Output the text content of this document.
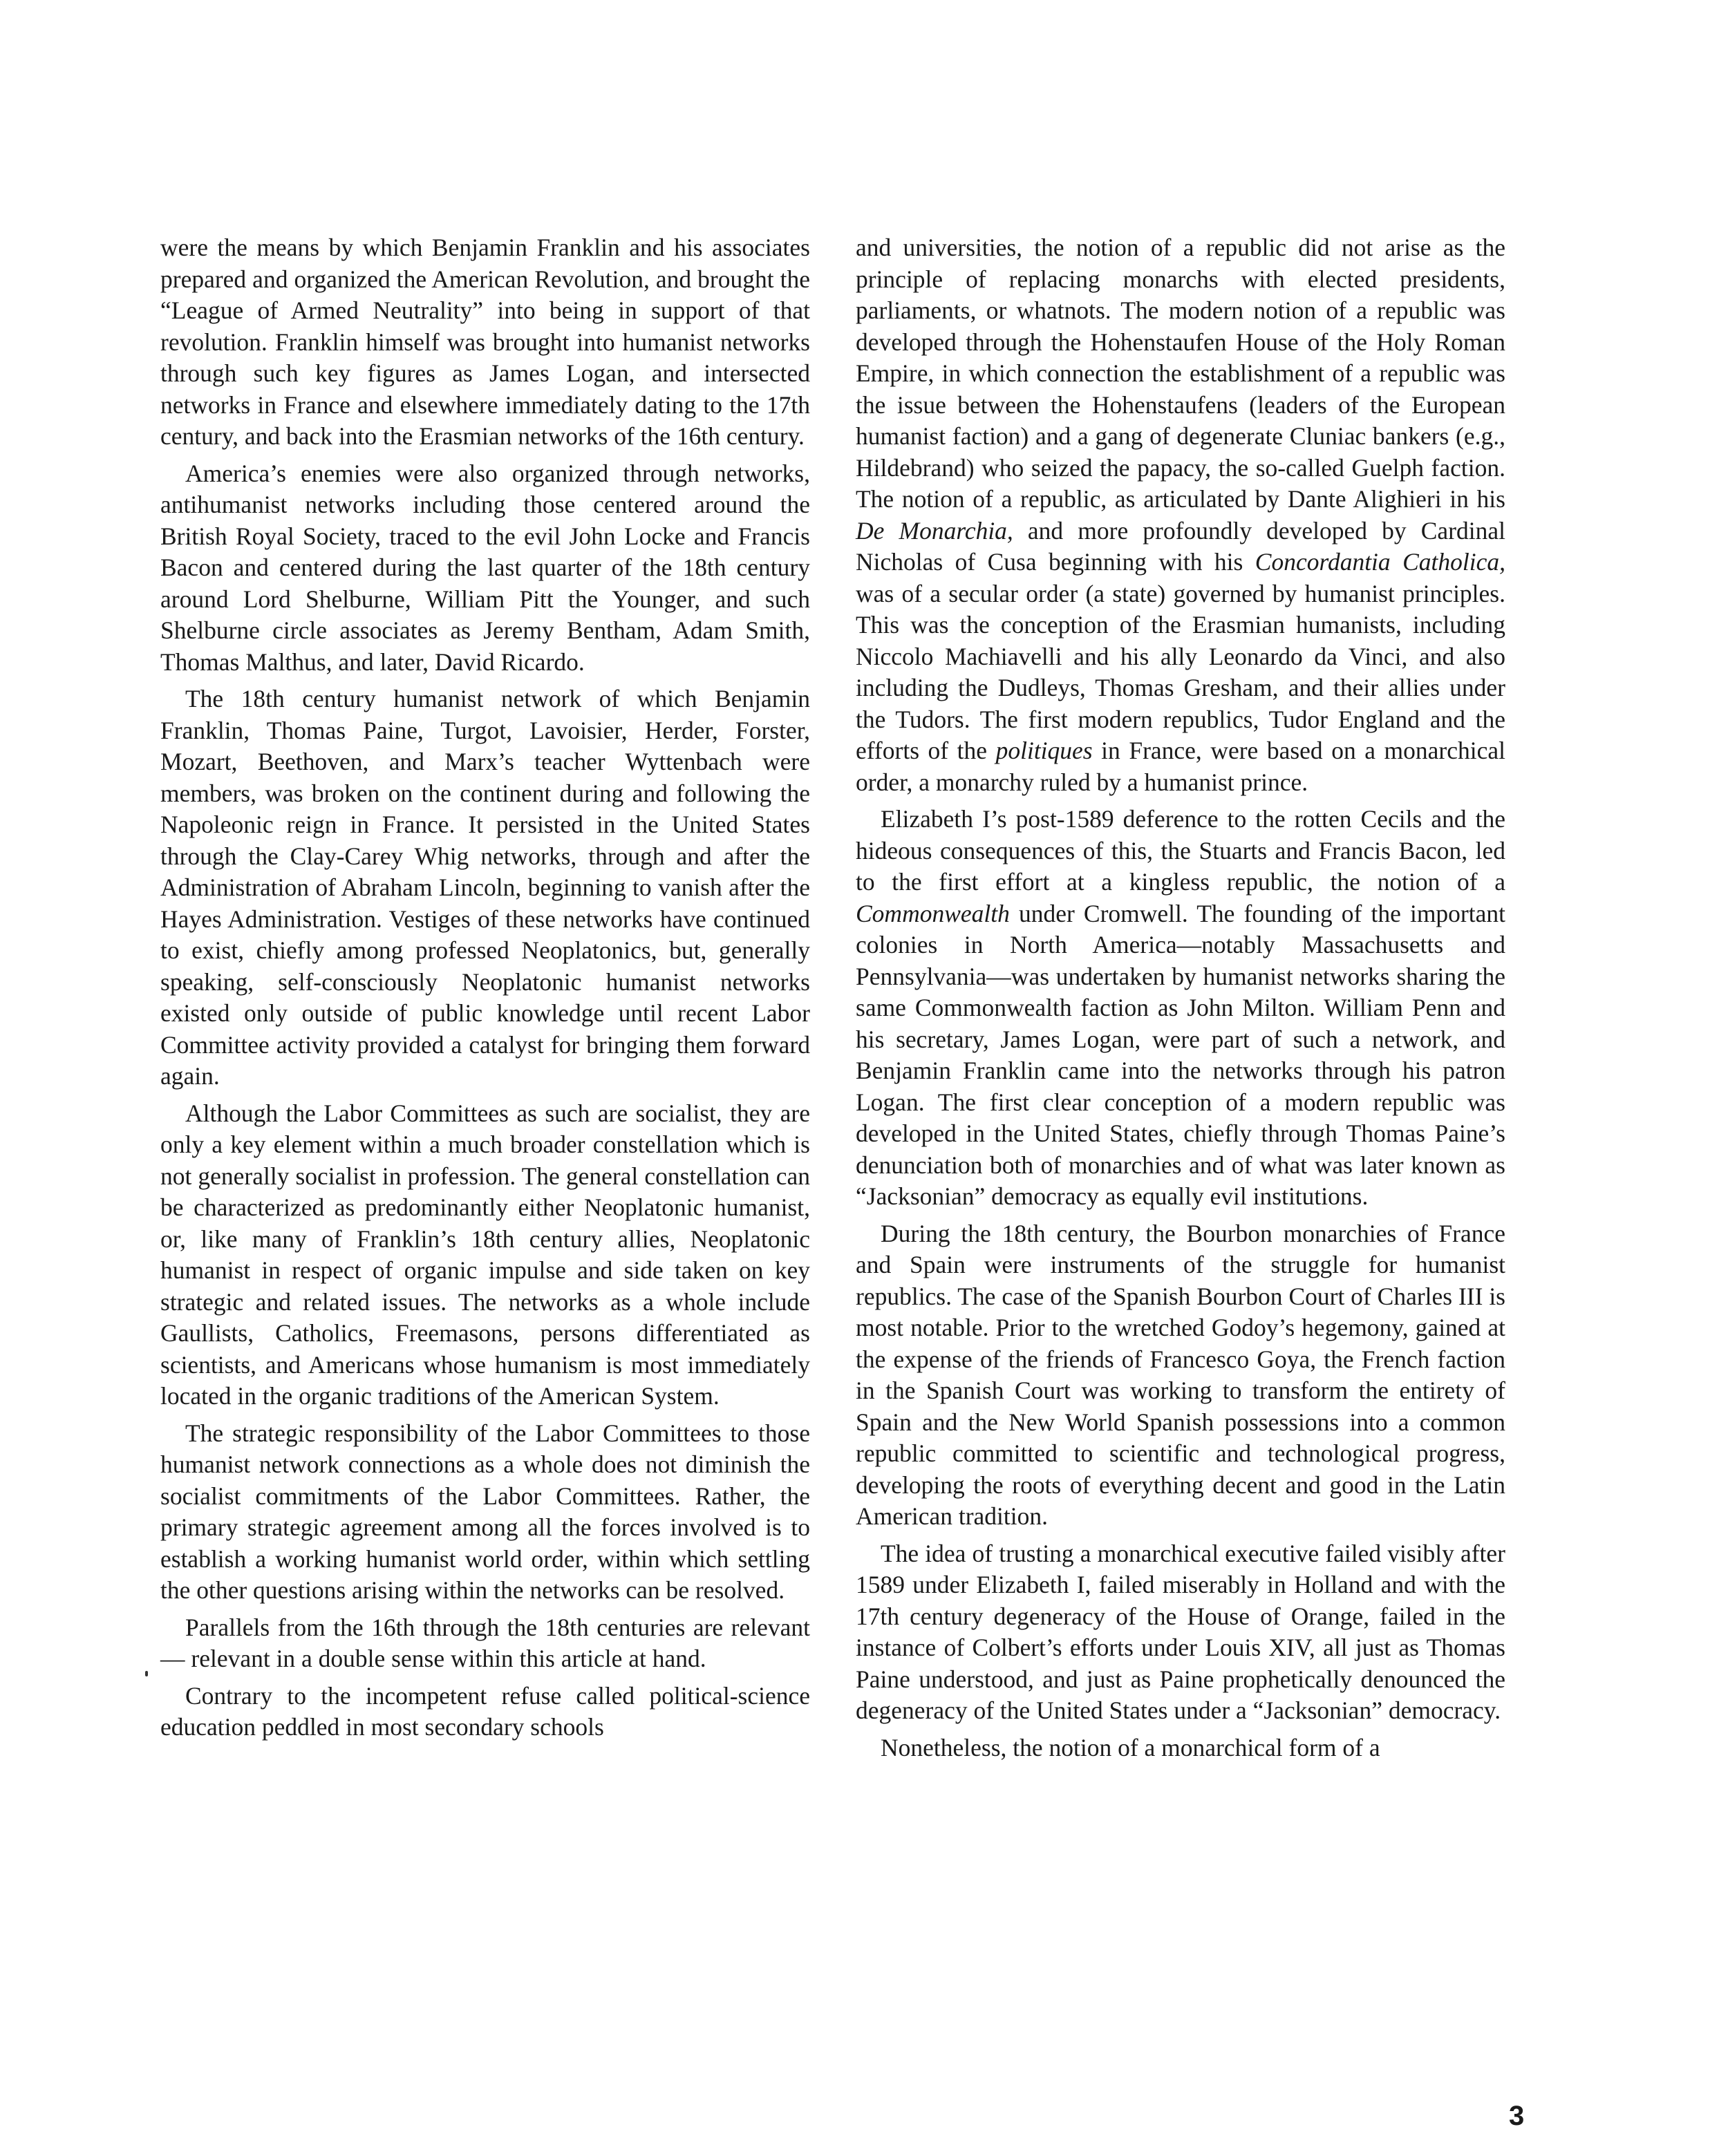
were the means by which Benjamin Franklin and his associates prepared and organized the American Revolution, and brought the “League of Armed Neutrality” into being in support of that revolution. Franklin himself was brought into humanist networks through such key figures as James Logan, and intersected networks in France and elsewhere immediately dating to the 17th century, and back into the Erasmian networks of the 16th century.

America’s enemies were also organized through networks, antihumanist networks including those centered around the British Royal Society, traced to the evil John Locke and Francis Bacon and centered during the last quarter of the 18th century around Lord Shelburne, William Pitt the Younger, and such Shelburne circle associates as Jeremy Bentham, Adam Smith, Thomas Malthus, and later, David Ricardo.

The 18th century humanist network of which Benjamin Franklin, Thomas Paine, Turgot, Lavoisier, Herder, Forster, Mozart, Beethoven, and Marx’s teacher Wyttenbach were members, was broken on the continent during and following the Napoleonic reign in France. It persisted in the United States through the Clay-Carey Whig networks, through and after the Administration of Abraham Lincoln, beginning to vanish after the Hayes Administration. Vestiges of these networks have continued to exist, chiefly among professed Neoplatonics, but, generally speaking, self-consciously Neoplatonic humanist networks existed only outside of public knowledge until recent Labor Committee activity provided a catalyst for bringing them forward again.

Although the Labor Committees as such are socialist, they are only a key element within a much broader constellation which is not generally socialist in profession. The general constellation can be characterized as predominantly either Neoplatonic humanist, or, like many of Franklin’s 18th century allies, Neoplatonic humanist in respect of organic impulse and side taken on key strategic and related issues. The networks as a whole include Gaullists, Catholics, Freemasons, persons differentiated as scientists, and Americans whose humanism is most immediately located in the organic traditions of the American System.

The strategic responsibility of the Labor Committees to those humanist network connections as a whole does not diminish the socialist commitments of the Labor Committees. Rather, the primary strategic agreement among all the forces involved is to establish a working humanist world order, within which settling the other questions arising within the networks can be resolved.

Parallels from the 16th through the 18th centuries are relevant — relevant in a double sense within this article at hand.

Contrary to the incompetent refuse called political-science education peddled in most secondary schools

and universities, the notion of a republic did not arise as the principle of replacing monarchs with elected presidents, parliaments, or whatnots. The modern notion of a republic was developed through the Hohenstaufen House of the Holy Roman Empire, in which connection the establishment of a republic was the issue between the Hohenstaufens (leaders of the European humanist faction) and a gang of degenerate Cluniac bankers (e.g., Hildebrand) who seized the papacy, the so-called Guelph faction. The notion of a republic, as articulated by Dante Alighieri in his De Monarchia, and more profoundly developed by Cardinal Nicholas of Cusa beginning with his Concordantia Catholica, was of a secular order (a state) governed by humanist principles. This was the conception of the Erasmian humanists, including Niccolo Machiavelli and his ally Leonardo da Vinci, and also including the Dudleys, Thomas Gresham, and their allies under the Tudors. The first modern republics, Tudor England and the efforts of the politiques in France, were based on a monarchical order, a monarchy ruled by a humanist prince.

Elizabeth I’s post-1589 deference to the rotten Cecils and the hideous consequences of this, the Stuarts and Francis Bacon, led to the first effort at a kingless republic, the notion of a Commonwealth under Cromwell. The founding of the important colonies in North America—notably Massachusetts and Pennsylvania—was undertaken by humanist networks sharing the same Commonwealth faction as John Milton. William Penn and his secretary, James Logan, were part of such a network, and Benjamin Franklin came into the networks through his patron Logan. The first clear conception of a modern republic was developed in the United States, chiefly through Thomas Paine’s denunciation both of monarchies and of what was later known as “Jacksonian” democracy as equally evil institutions.

During the 18th century, the Bourbon monarchies of France and Spain were instruments of the struggle for humanist republics. The case of the Spanish Bourbon Court of Charles III is most notable. Prior to the wretched Godoy’s hegemony, gained at the expense of the friends of Francesco Goya, the French faction in the Spanish Court was working to transform the entirety of Spain and the New World Spanish possessions into a common republic committed to scientific and technological progress, developing the roots of everything decent and good in the Latin American tradition.

The idea of trusting a monarchical executive failed visibly after 1589 under Elizabeth I, failed miserably in Holland and with the 17th century degeneracy of the House of Orange, failed in the instance of Colbert’s efforts under Louis XIV, all just as Thomas Paine understood, and just as Paine prophetically denounced the degeneracy of the United States under a “Jacksonian” democracy.

Nonetheless, the notion of a monarchical form of a

3
